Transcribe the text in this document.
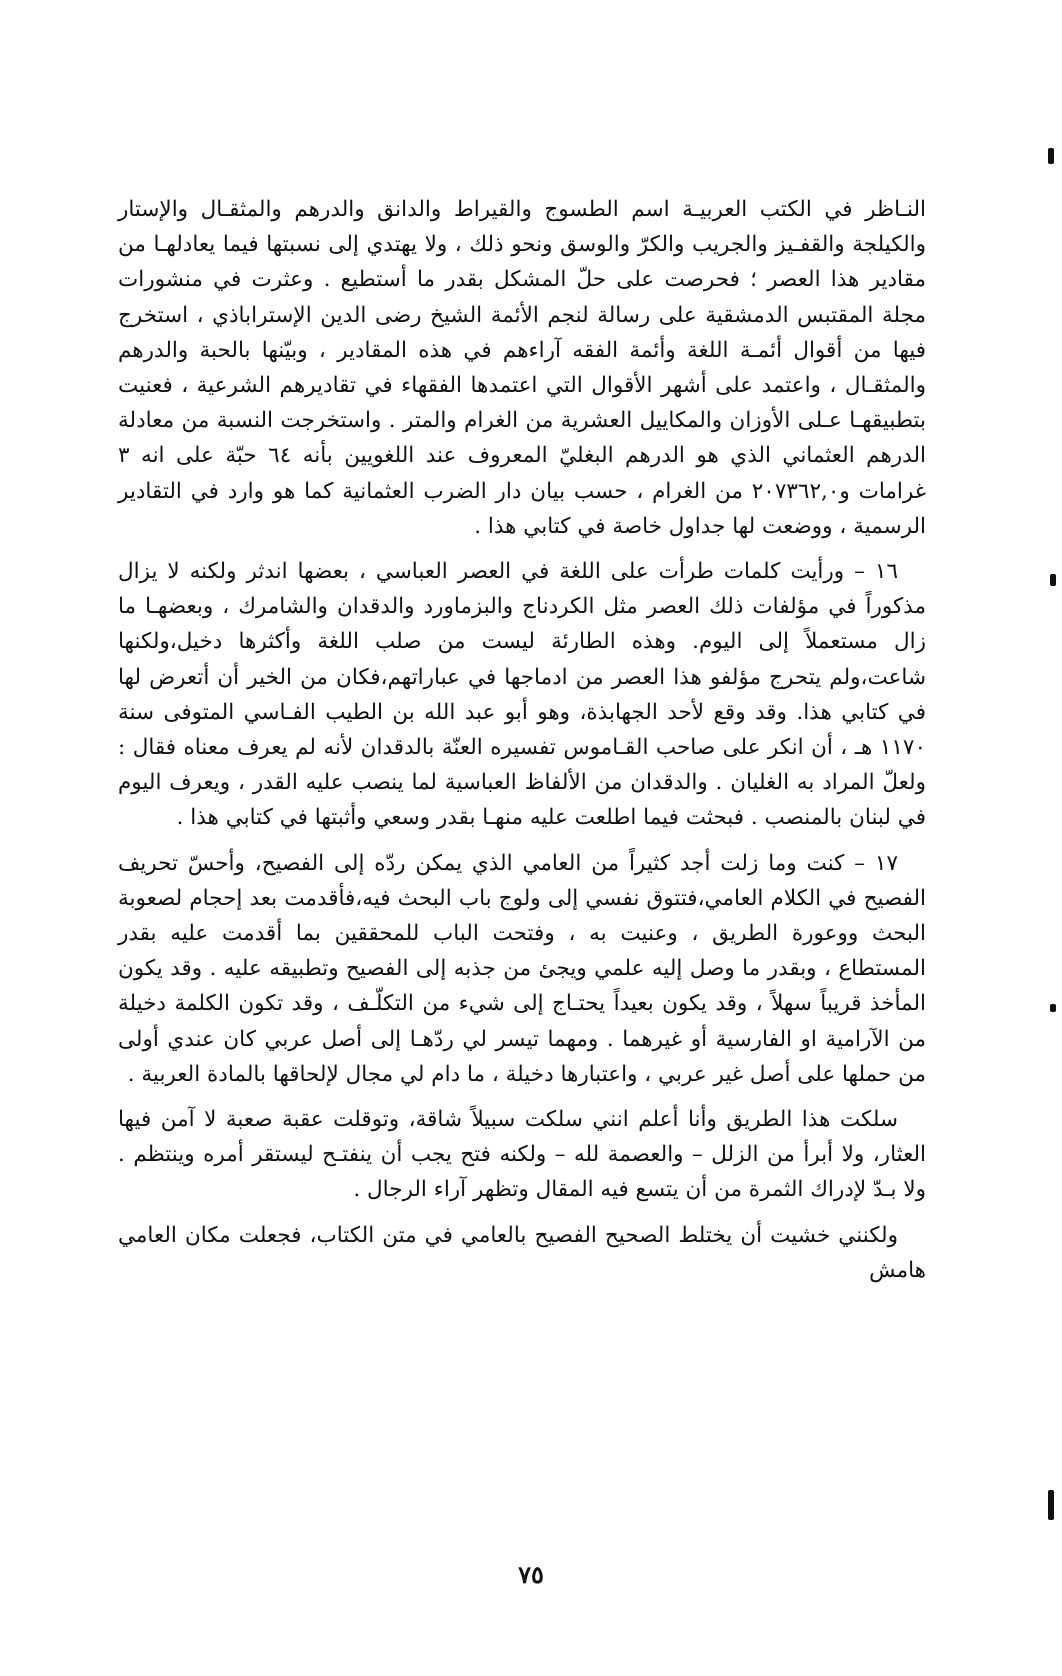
النـاظر في الكتب العربيـة اسم الطسوج والقيراط والدانق والدرهم والمثقـال والإستار والكيلجة والقفـيز والجريب والكرّ والوسق ونحو ذلك ، ولا يهتدي إلى نسبتها فيما يعادلهـا من مقادير هذا العصر ؛ فحرصت على حلّ المشكل بقدر ما أستطيع . وعثرت في منشورات مجلة المقتبس الدمشقية على رسالة لنجم الأئمة الشيخ رضى الدين الإستراباذي ، استخرج فيها من أقوال أئمـة اللغة وأئمة الفقه آراءهم في هذه المقادير ، وبيّنها بالحبة والدرهم والمثقـال ، واعتمد على أشهر الأقوال التي اعتمدها الفقهاء في تقاديرهم الشرعية ، فعنيت بتطبيقهـا عـلى الأوزان والمكاييل العشرية من الغرام والمتر . واستخرجت النسبة من معادلة الدرهم العثماني الذي هو الدرهم البغليّ المعروف عند اللغويين بأنه ٦٤ حبّة على انه ٣ غرامات و٢٠٧٣٦٢,٠ من الغرام ، حسب بيان دار الضرب العثمانية كما هو وارد في التقادير الرسمية ، ووضعت لها جداول خاصة في كتابي هذا .

١٦ – ورأيت كلمات طرأت على اللغة في العصر العباسي ، بعضها اندثر ولكنه لا يزال مذكوراً في مؤلفات ذلك العصر مثل الكردناج والبزماورد والدقدان والشامرك ، وبعضهـا ما زال مستعملاً إلى اليوم. وهذه الطارئة ليست من صلب اللغة وأكثرها دخيل،ولكنها شاعت،ولم يتحرج مؤلفو هذا العصر من ادماجها في عباراتهم،فكان من الخير أن أتعرض لها في كتابي هذا. وقد وقع لأحد الجهابذة، وهو أبو عبد الله بن الطيب الفـاسي المتوفى سنة ١١٧٠ هـ ، أن انكر على صاحب القـاموس تفسيره العنّة بالدقدان لأنه لم يعرف معناه فقال : ولعلّ المراد به الغليان . والدقدان من الألفاظ العباسية لما ينصب عليه القدر ، ويعرف اليوم في لبنان بالمنصب . فبحثت فيما اطلعت عليه منهـا بقدر وسعي وأثبتها في كتابي هذا .

١٧ – كنت وما زلت أجد كثيراً من العامي الذي يمكن ردّه إلى الفصيح، وأحسّ تحريف الفصيح في الكلام العامي،فتتوق نفسي إلى ولوج باب البحث فيه،فأقدمت بعد إحجام لصعوبة البحث ووعورة الطريق ، وعنيت به ، وفتحت الباب للمحققين بما أقدمت عليه بقدر المستطاع ، وبقدر ما وصل إليه علمي ويجئ من جذبه إلى الفصيح وتطبيقه عليه . وقد يكون المأخذ قريباً سهلاً ، وقد يكون بعيداً يحتـاج إلى شيء من التكلّـف ، وقد تكون الكلمة دخيلة من الآرامية او الفارسية أو غيرهما . ومهما تيسر لي ردّهـا إلى أصل عربي كان عندي أولى من حملها على أصل غير عربي ، واعتبارها دخيلة ، ما دام لي مجال لإلحاقها بالمادة العربية .

سلكت هذا الطريق وأنا أعلم انني سلكت سبيلاً شاقة، وتوقلت عقبة صعبة لا آمن فيها العثار، ولا أبرأ من الزلل – والعصمة لله – ولكنه فتح يجب أن ينفتـح ليستقر أمره وينتظم . ولا بـدّ لإدراك الثمرة من أن يتسع فيه المقال وتظهر آراء الرجال .

ولكنني خشيت أن يختلط الصحيح الفصيح بالعامي في متن الكتاب، فجعلت مكان العامي هامش

٧٥
